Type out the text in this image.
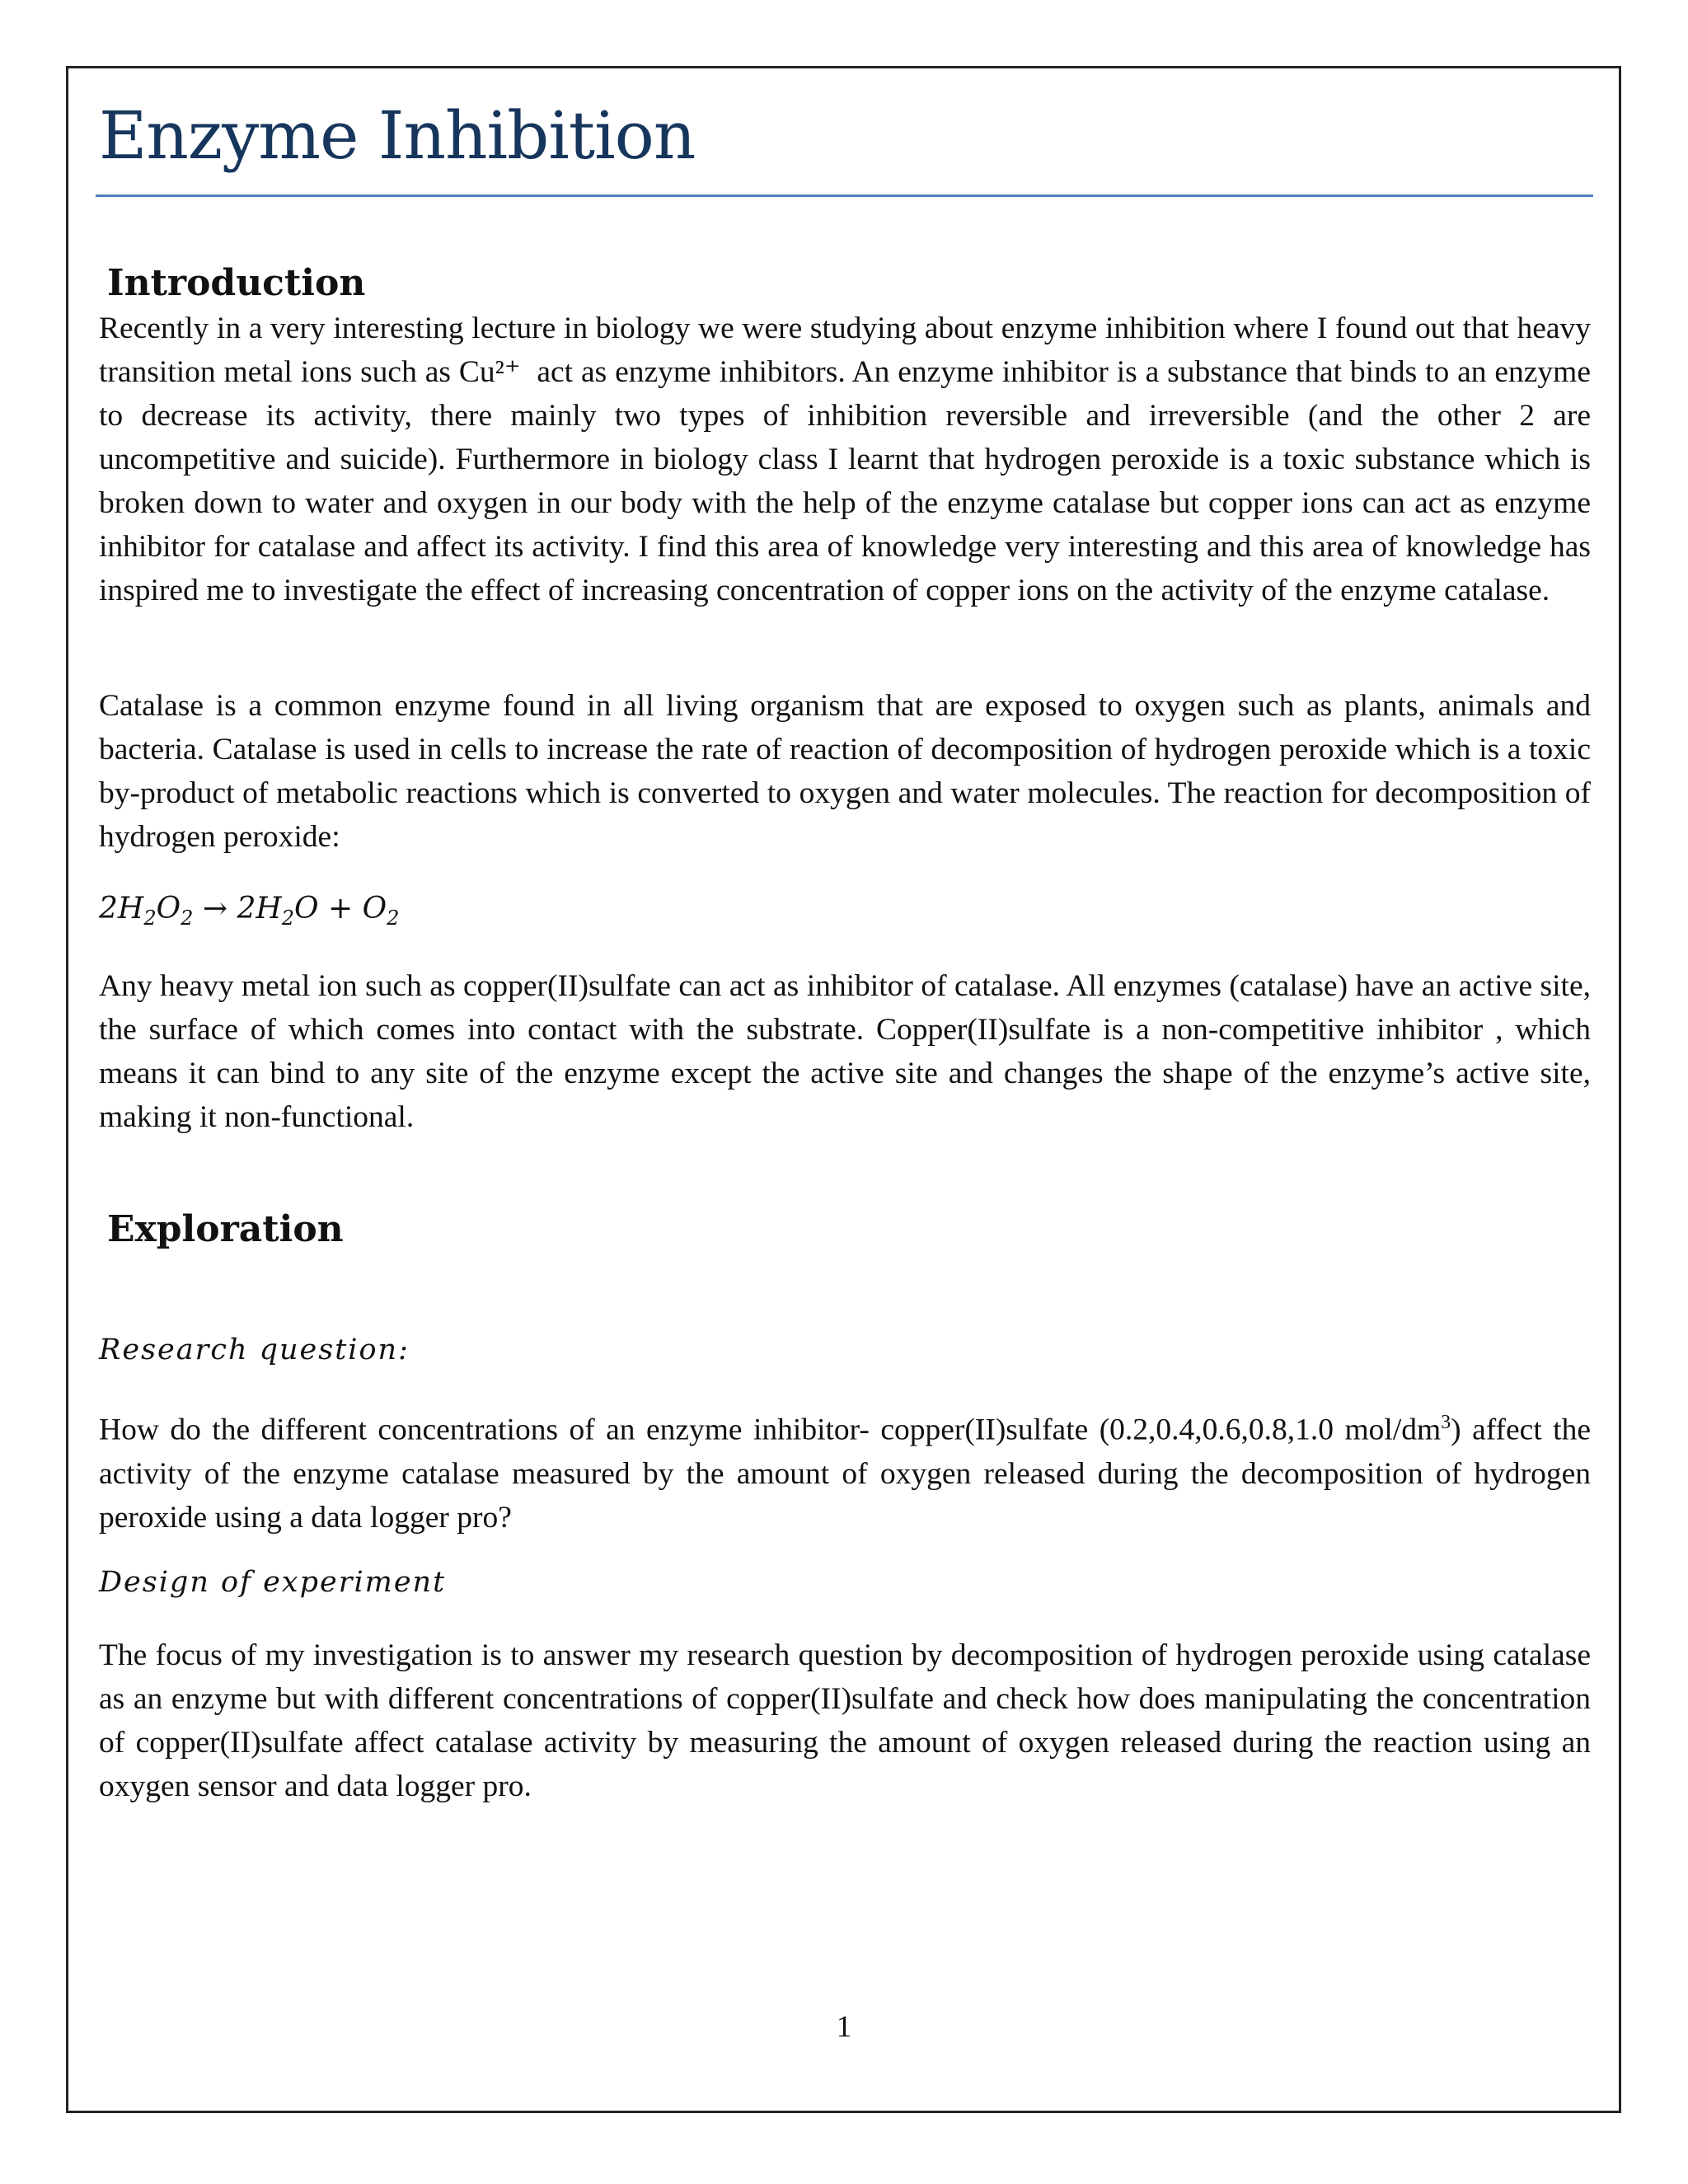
Enzyme Inhibition
Introduction

Recently in a very interesting lecture in biology we were studying about enzyme inhibition where I found out that heavy transition metal ions such as Cu²⁺ act as enzyme inhibitors. An enzyme inhibitor is a substance that binds to an enzyme to decrease its activity, there mainly two types of inhibition reversible and irreversible (and the other 2 are uncompetitive and suicide). Furthermore in biology class I learnt that hydrogen peroxide is a toxic substance which is broken down to water and oxygen in our body with the help of the enzyme catalase but copper ions can act as enzyme inhibitor for catalase and affect its activity. I find this area of knowledge very interesting and this area of knowledge has inspired me to investigate the effect of increasing concentration of copper ions on the activity of the enzyme catalase.

Catalase is a common enzyme found in all living organism that are exposed to oxygen such as plants, animals and bacteria. Catalase is used in cells to increase the rate of reaction of decomposition of hydrogen peroxide which is a toxic by-product of metabolic reactions which is converted to oxygen and water molecules. The reaction for decomposition of hydrogen peroxide:

$2H_2O_2 \to 2H_2O + O_2$

Any heavy metal ion such as copper(II)sulfate can act as inhibitor of catalase. All enzymes (catalase) have an active site, the surface of which comes into contact with the substrate. Copper(II)sulfate is a non-competitive inhibitor , which means it can bind to any site of the enzyme except the active site and changes the shape of the enzyme’s active site, making it non-functional.

Exploration

Research question:

How do the different concentrations of an enzyme inhibitor- copper(II)sulfate (0.2,0.4,0.6,0.8,1.0 mol/$dm^3$) affect the activity of the enzyme catalase measured by the amount of oxygen released during the decomposition of hydrogen peroxide using a data logger pro?

Design of experiment

The focus of my investigation is to answer my research question by decomposition of hydrogen peroxide using catalase as an enzyme but with different concentrations of copper(II)sulfate and check how does manipulating the concentration of copper(II)sulfate affect catalase activity by measuring the amount of oxygen released during the reaction using an oxygen sensor and data logger pro.

1
